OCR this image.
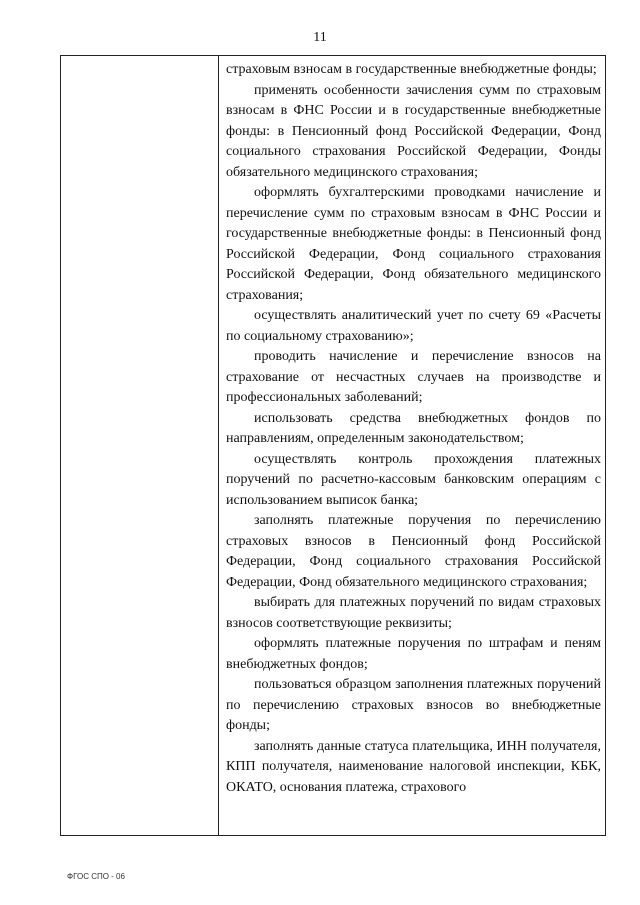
11

страховым взносам в государственные внебюджетные фонды;

применять особенности зачисления сумм по страховым взносам в ФНС России и в государственные внебюджетные фонды: в Пенсионный фонд Российской Федерации, Фонд социального страхования Российской Федерации, Фонды обязательного медицинского страхования;

оформлять бухгалтерскими проводками начисление и перечисление сумм по страховым взносам в ФНС России и государственные внебюджетные фонды: в Пенсионный фонд Российской Федерации, Фонд социального страхования Российской Федерации, Фонд обязательного медицинского страхования;

осуществлять аналитический учет по счету 69 «Расчеты по социальному страхованию»;

проводить начисление и перечисление взносов на страхование от несчастных случаев на производстве и профессиональных заболеваний;

использовать средства внебюджетных фондов по направлениям, определенным законодательством;

осуществлять контроль прохождения платежных поручений по расчетно-кассовым банковским операциям с использованием выписок банка;

заполнять платежные поручения по перечислению страховых взносов в Пенсионный фонд Российской Федерации, Фонд социального страхования Российской Федерации, Фонд обязательного медицинского страхования;

выбирать для платежных поручений по видам страховых взносов соответствующие реквизиты;

оформлять платежные поручения по штрафам и пеням внебюджетных фондов;

пользоваться образцом заполнения платежных поручений по перечислению страховых взносов во внебюджетные фонды;

заполнять данные статуса плательщика, ИНН получателя, КПП получателя, наименование налоговой инспекции, КБК, ОКАТО, основания платежа, страхового

ФГОС СПО - 06
